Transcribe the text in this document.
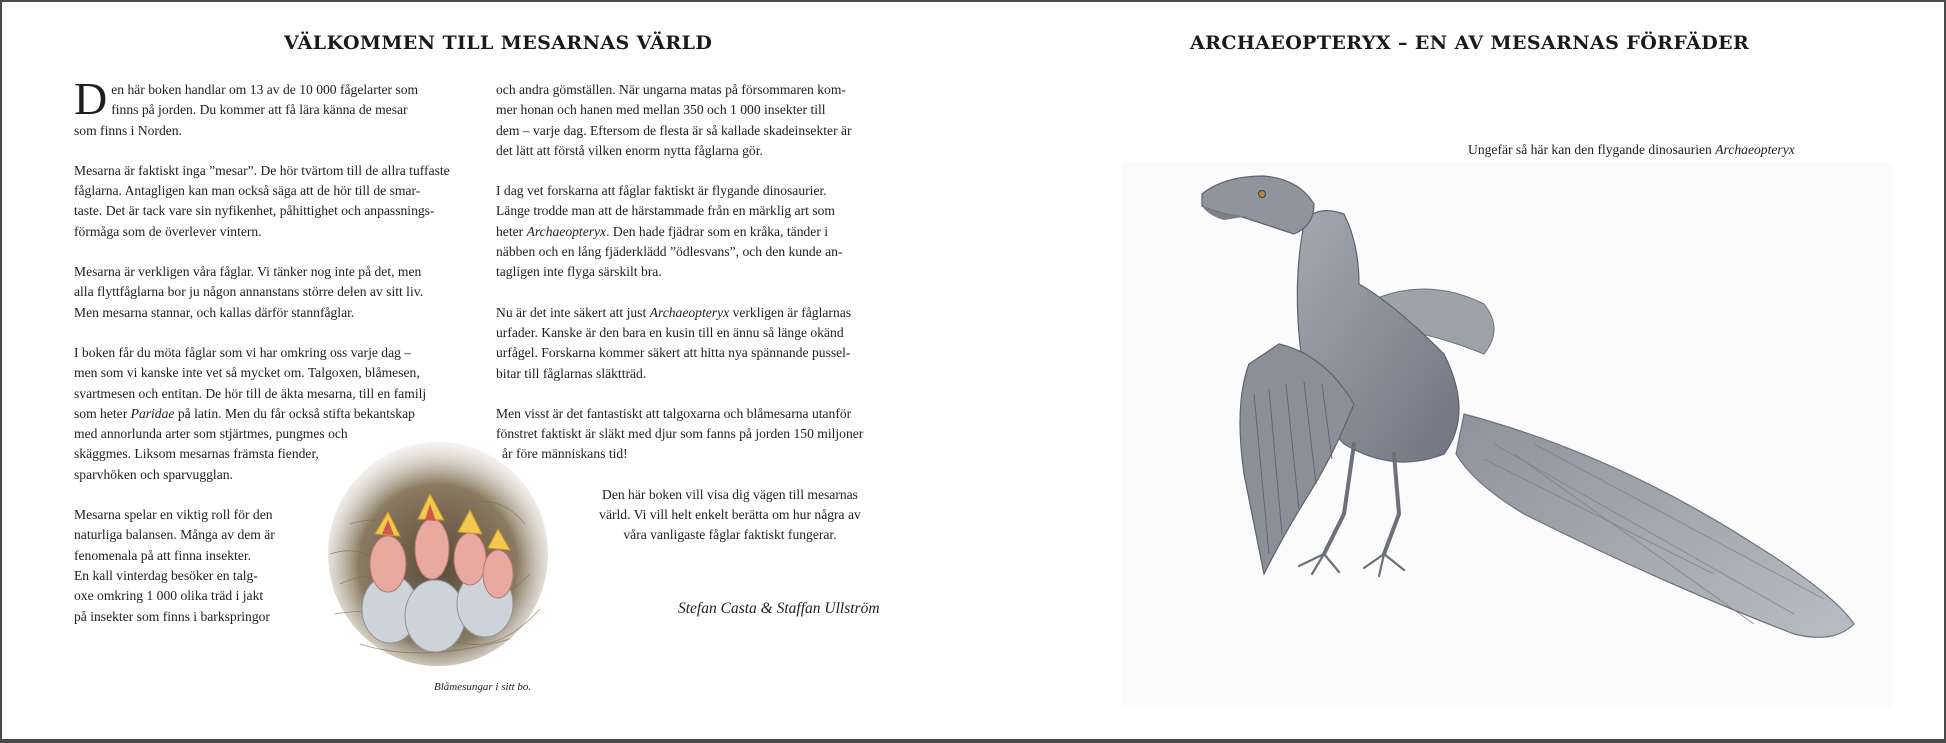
VÄLKOMMEN TILL MESARNAS VÄRLD

Den här boken handlar om 13 av de 10 000 fågelarter som
finns på jorden. Du kommer att få lära känna de mesar
som finns i Norden.

Mesarna är faktiskt inga ”mesar”. De hör tvärtom till de allra tuffaste
fåglarna. Antagligen kan man också säga att de hör till de smar-
taste. Det är tack vare sin nyfikenhet, påhittighet och anpassnings-
förmåga som de överlever vintern.

Mesarna är verkligen våra fåglar. Vi tänker nog inte på det, men
alla flyttfåglarna bor ju någon annanstans större delen av sitt liv.
Men mesarna stannar, och kallas därför stannfåglar.

I boken får du möta fåglar som vi har omkring oss varje dag –
men som vi kanske inte vet så mycket om. Talgoxen, blåmesen,
svartmesen och entitan. De hör till de äkta mesarna, till en familj
som heter Paridae på latin. Men du får också stifta bekantskap
med annorlunda arter som stjärtmes, pungmes och
skäggmes. Liksom mesarnas främsta fiender,
sparvhöken och sparvugglan.

Mesarna spelar en viktig roll för den
naturliga balansen. Många av dem är
fenomenala på att finna insekter.
En kall vinterdag besöker en talg-
oxe omkring 1 000 olika träd i jakt
på insekter som finns i barkspringor

och andra gömställen. När ungarna matas på försommaren kom-
mer honan och hanen med mellan 350 och 1 000 insekter till
dem – varje dag. Eftersom de flesta är så kallade skadeinsekter är
det lätt att förstå vilken enorm nytta fåglarna gör.

I dag vet forskarna att fåglar faktiskt är flygande dinosaurier.
Länge trodde man att de härstammade från en märklig art som
heter Archaeopteryx. Den hade fjädrar som en kråka, tänder i
näbben och en lång fjäderklädd ”ödlesvans”, och den kunde an-
tagligen inte flyga särskilt bra.

Nu är det inte säkert att just Archaeopteryx verkligen är fåglarnas
urfader. Kanske är den bara en kusin till en ännu så länge okänd
urfågel. Forskarna kommer säkert att hitta nya spännande pussel-
bitar till fåglarnas släktträd.

Men visst är det fantastiskt att talgoxarna och blåmesarna utanför
fönstret faktiskt är släkt med djur som fanns på jorden 150 miljoner
år före människans tid!

Den här boken vill visa dig vägen till mesarnas
värld. Vi vill helt enkelt berätta om hur några av
våra vanligaste fåglar faktiskt fungerar.

Blåmesungar i sitt bo.
Stefan Casta & Staffan Ullström
ARCHAEOPTERYX – EN AV MESARNAS FÖRFÄDER
Ungefär så här kan den flygande dinosaurien Archaeopteryx
